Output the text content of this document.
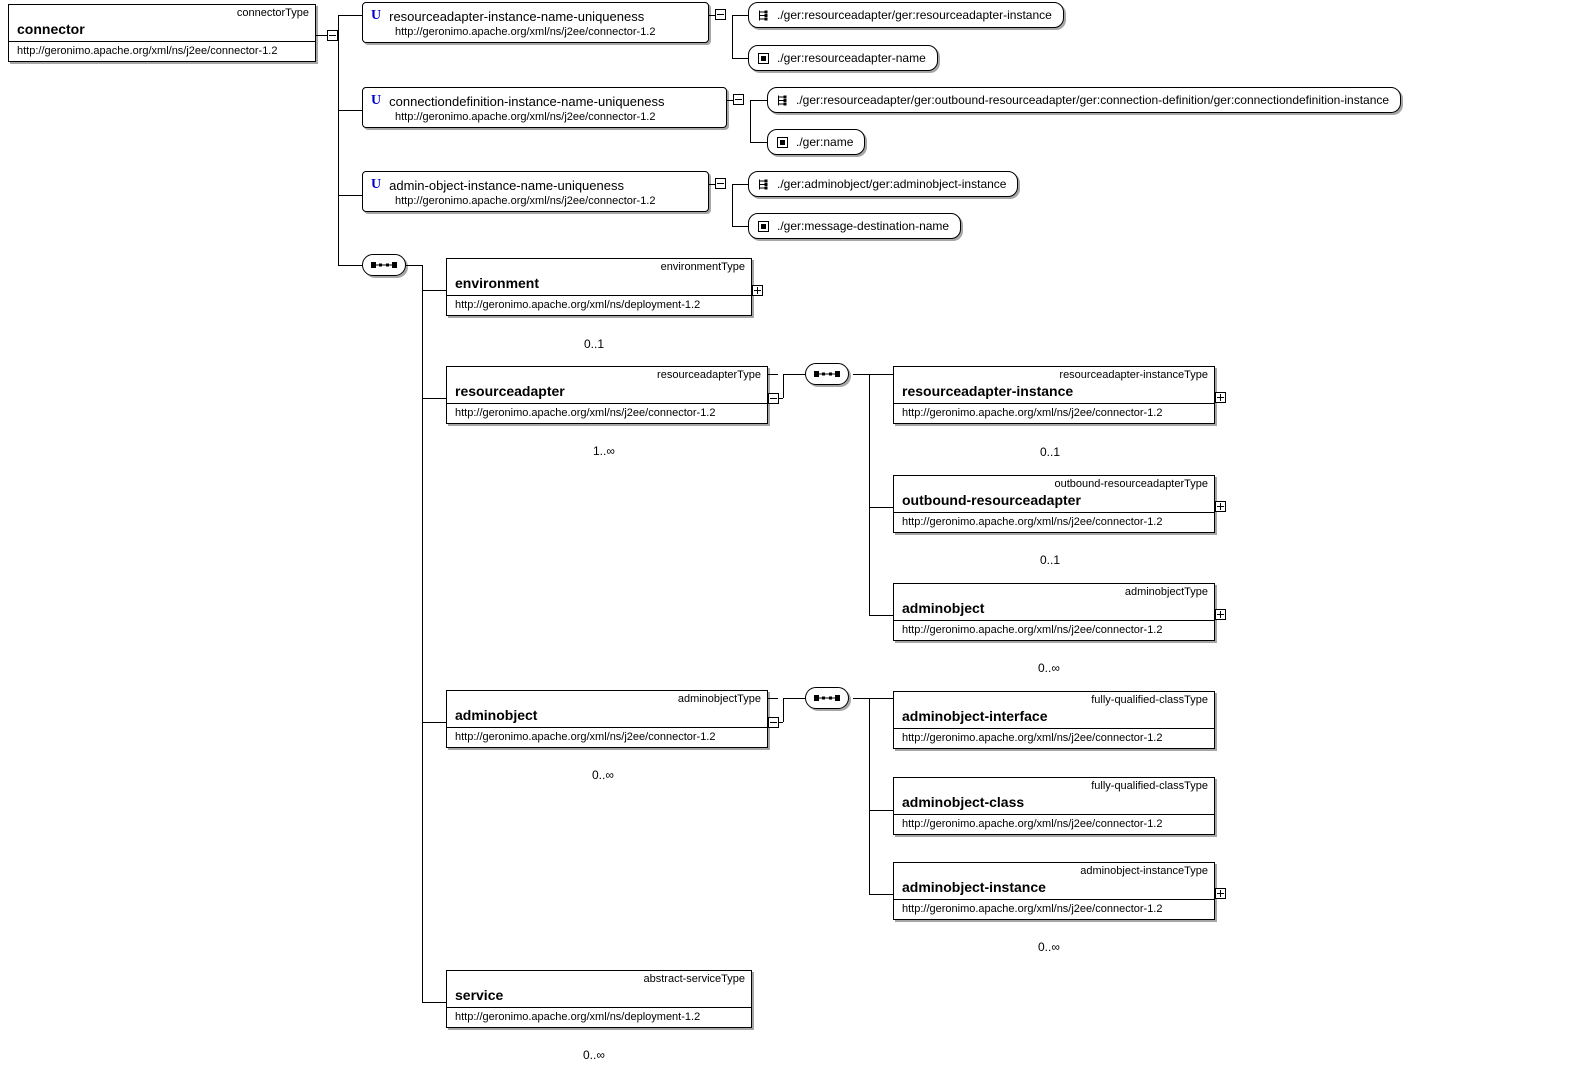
connectorType
connector
http://geronimo.apache.org/xml/ns/j2ee/connector-1.2
U resourceadapter-instance-name-uniqueness
http://geronimo.apache.org/xml/ns/j2ee/connector-1.2
./ger:resourceadapter/ger:resourceadapter-instance
./ger:resourceadapter-name
U connectiondefinition-instance-name-uniqueness
http://geronimo.apache.org/xml/ns/j2ee/connector-1.2
./ger:resourceadapter/ger:outbound-resourceadapter/ger:connection-definition/ger:connectiondefinition-instance
./ger:name
U admin-object-instance-name-uniqueness
http://geronimo.apache.org/xml/ns/j2ee/connector-1.2
./ger:adminobject/ger:adminobject-instance
./ger:message-destination-name
environmentType
environment
http://geronimo.apache.org/xml/ns/deployment-1.2
0..1
resourceadapterType
resourceadapter
http://geronimo.apache.org/xml/ns/j2ee/connector-1.2
1..∞
resourceadapter-instanceType
resourceadapter-instance
http://geronimo.apache.org/xml/ns/j2ee/connector-1.2
0..1
outbound-resourceadapterType
outbound-resourceadapter
http://geronimo.apache.org/xml/ns/j2ee/connector-1.2
0..1
adminobjectType
adminobject
http://geronimo.apache.org/xml/ns/j2ee/connector-1.2
0..∞
adminobjectType
adminobject
http://geronimo.apache.org/xml/ns/j2ee/connector-1.2
0..∞
fully-qualified-classType
adminobject-interface
http://geronimo.apache.org/xml/ns/j2ee/connector-1.2
fully-qualified-classType
adminobject-class
http://geronimo.apache.org/xml/ns/j2ee/connector-1.2
adminobject-instanceType
adminobject-instance
http://geronimo.apache.org/xml/ns/j2ee/connector-1.2
0..∞
abstract-serviceType
service
http://geronimo.apache.org/xml/ns/deployment-1.2
0..∞
